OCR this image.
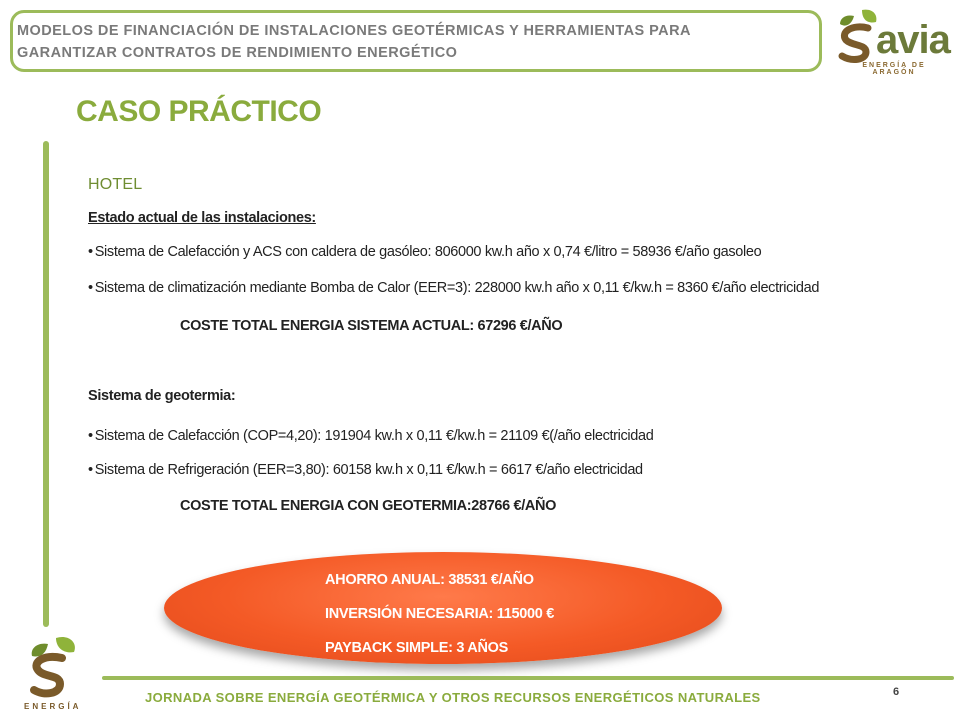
MODELOS DE FINANCIACIÓN DE INSTALACIONES GEOTÉRMICAS Y HERRAMIENTAS PARA
GARANTIZAR CONTRATOS DE RENDIMIENTO ENERGÉTICO	avia
ENERGÍA DE ARAGÓN
CASO PRÁCTICO
HOTEL
Estado actual de las instalaciones:
• Sistema de Calefacción y ACS con caldera de gasóleo: 806000 kw.h año x 0,74 €/litro = 58936 €/año gasoleo
• Sistema de climatización mediante Bomba de Calor (EER=3): 228000 kw.h año x 0,11 €/kw.h = 8360 €/año electricidad
COSTE TOTAL ENERGIA SISTEMA ACTUAL: 67296 €/AÑO
Sistema de geotermia:
• Sistema de Calefacción (COP=4,20): 191904 kw.h x 0,11 €/kw.h = 21109 €(/año electricidad
• Sistema de Refrigeración (EER=3,80): 60158 kw.h x 0,11 €/kw.h = 6617 €/año electricidad
COSTE TOTAL ENERGIA CON GEOTERMIA:28766 €/AÑO
AHORRO ANUAL: 38531 €/AÑO
INVERSIÓN NECESARIA: 115000 €
PAYBACK SIMPLE: 3 AÑOS
ENERGÍA
JORNADA SOBRE ENERGÍA GEOTÉRMICA Y OTROS RECURSOS ENERGÉTICOS NATURALES	6
